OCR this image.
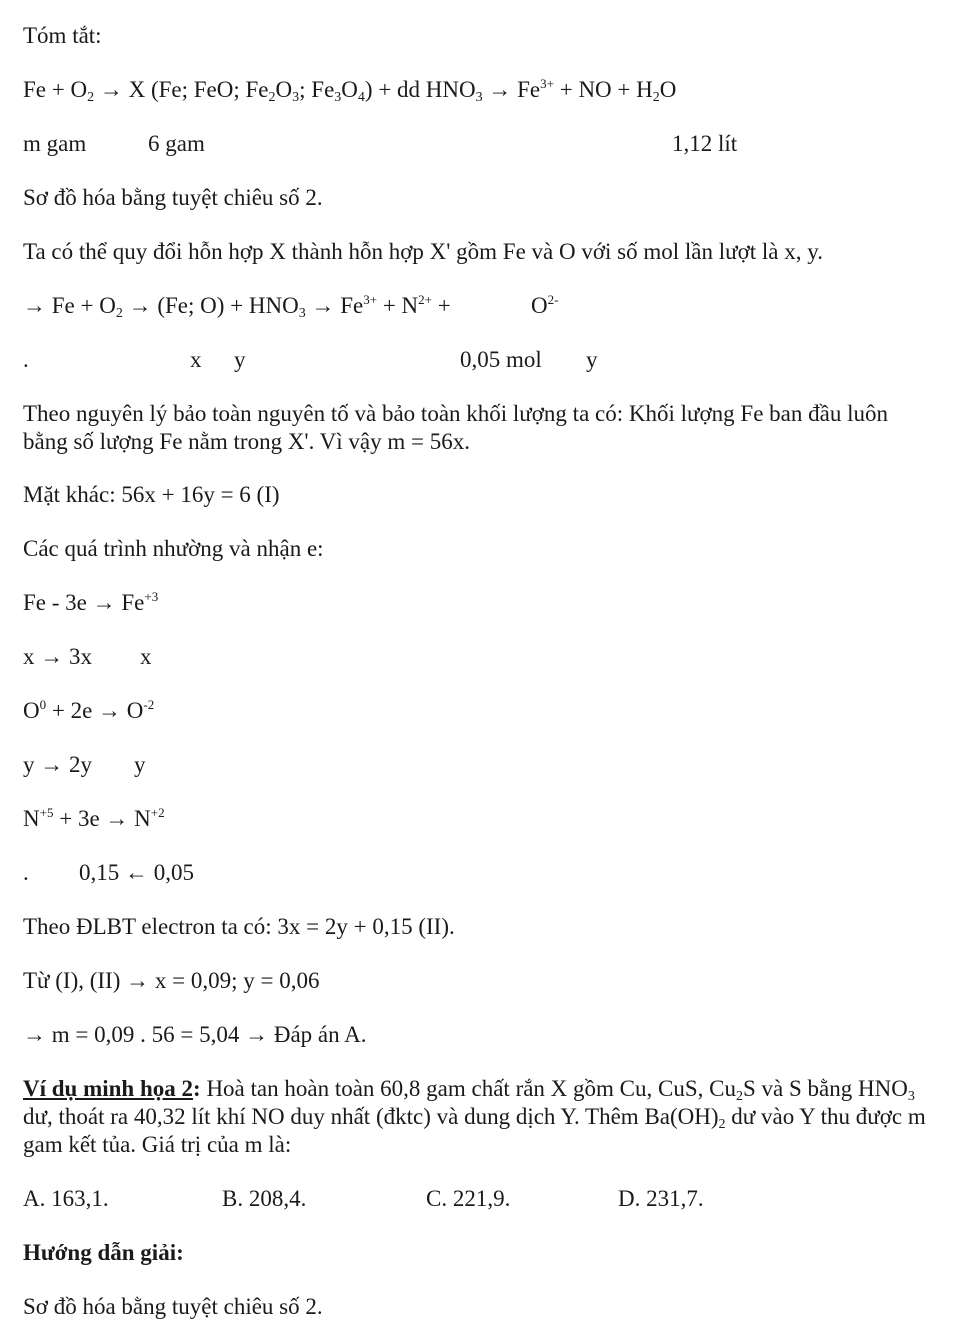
Tóm tắt:
$Fe + O_2 \to X$ (Fe; FeO; $Fe_2O_3$; $Fe_3O_4$) + dd $HNO_3 \to Fe^{3+}$ + NO + $H_2O$
m gam	6 gam	1,12 lít
Sơ đồ hóa bằng tuyệt chiêu số 2.
Ta có thể quy đổi hỗn hợp X thành hỗn hợp X' gồm Fe và O với số mol lần lượt là x, y.
→ $Fe + O_2 \to (Fe$; $O) + HNO_3 \to Fe^{3+} + N^{2+}$ +	$O^{2-}$
.	x y	0,05 mol y
Theo nguyên lý bảo toàn nguyên tố và bảo toàn khối lượng ta có: Khối lượng Fe ban đầu luôn bằng số lượng Fe nằm trong X'. Vì vậy m = 56x.
Mặt khác: 56x + 16y = 6 (I)
Các quá trình nhường và nhận e:
$Fe - 3e \to Fe^{+3}$
x → 3x x
$O^0 + 2e \to O^{-2}$
y → 2y y
$N^{+5} + 3e \to N^{+2}$
. 0,15 ← 0,05
Theo ĐLBT electron ta có: 3x = 2y + 0,15 (II).
Từ (I), (II) → x = 0,09; y = 0,06
→ m = 0,09 . 56 = 5,04 → Đáp án A.
Ví dụ minh họa 2: Hoà tan hoàn toàn 60,8 gam chất rắn X gồm Cu, CuS, $Cu_2S$ và S bằng $HNO_3$ dư, thoát ra 40,32 lít khí NO duy nhất (đktc) và dung dịch Y. Thêm $Ba(OH)_2$ dư vào Y thu được m gam kết tủa. Giá trị của m là:
A. 163,1.	B. 208,4.	C. 221,9.	D. 231,7.
Hướng dẫn giải:
Sơ đồ hóa bằng tuyệt chiêu số 2.
